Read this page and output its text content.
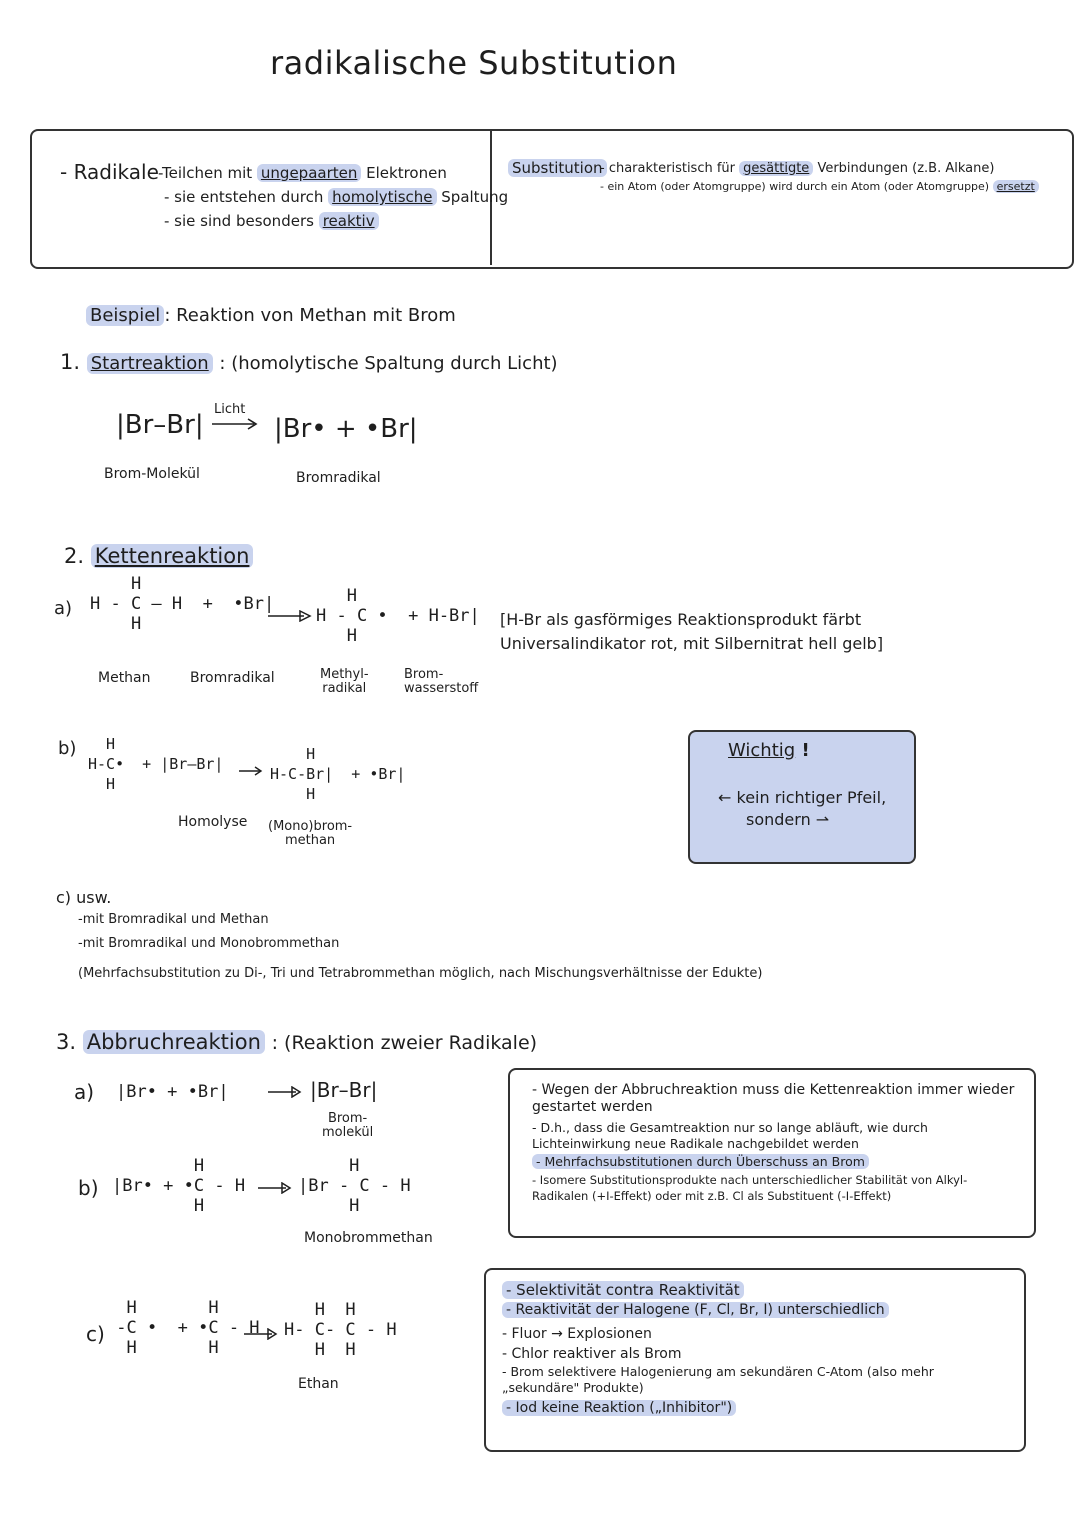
radikalische Substitution
- Radikale -Teilchen mit ungepaarten Elektronen
- sie entstehen durch homolytische Spaltung
- sie sind besonders reaktiv
Substitution
- charakteristisch für gesättigte Verbindungen (z.B. Alkane)
- ein Atom (oder Atomgruppe) wird durch ein Atom (oder Atomgruppe) ersetzt
Beispiel : Reaktion von Methan mit Brom
1. Startreaktion : (homolytische Spaltung durch Licht)
|Br–Br|
Licht
|Br• + •Br|
Brom-Molekül	Bromradikal
2. Kettenreaktion
a)
H
H - C — H  +  •Br|
H
H
H - C •  + H-Br|
H
Methan	Bromradikal	Methyl-
radikal
Brom-
wasserstoff
[H-Br als gasförmiges Reaktionsprodukt färbt Universalindikator rot, mit Silbernitrat hell gelb]
b)	H
H-C•  + |Br–Br|
H
H
H-C-Br|  + •Br|
H
Homolyse (Mono)brom-
methan
Wichtig !
← kein richtiger Pfeil,
sondern ⇀
c) usw.
-mit Bromradikal und Methan
-mit Bromradikal und Monobrommethan
(Mehrfachsubstitution zu Di-, Tri und Tetrabrommethan möglich, nach Mischungsverhältnisse der Edukte)
3. Abbruchreaktion : (Reaktion zweier Radikale)
a) |Br• + •Br|	|Br–Br|
Brom-
molekül
b)
H
|Br• + •C - H
H
H
|Br - C - H
H
Monobrommethan
c)
H       H
-C •  + •C - H
H       H
H  H
H- C- C - H
H  H
Ethan

- Wegen der Abbruchreaktion muss die Kettenreaktion immer wieder gestartet werden

- D.h., dass die Gesamtreaktion nur so lange abläuft, wie durch Lichteinwirkung neue Radikale nachgebildet werden

- Mehrfachsubstitutionen durch Überschuss an Brom

- Isomere Substitutionsprodukte nach unterschiedlicher Stabilität von Alkyl-Radikalen (+I-Effekt) oder mit z.B. Cl als Substituent (-I-Effekt)

- Selektivität contra Reaktivität

- Reaktivität der Halogene (F, Cl, Br, I) unterschiedlich

- Fluor → Explosionen

- Chlor reaktiver als Brom

- Brom selektivere Halogenierung am sekundären C-Atom (also mehr „sekundäre" Produkte)

- Iod keine Reaktion („Inhibitor")
